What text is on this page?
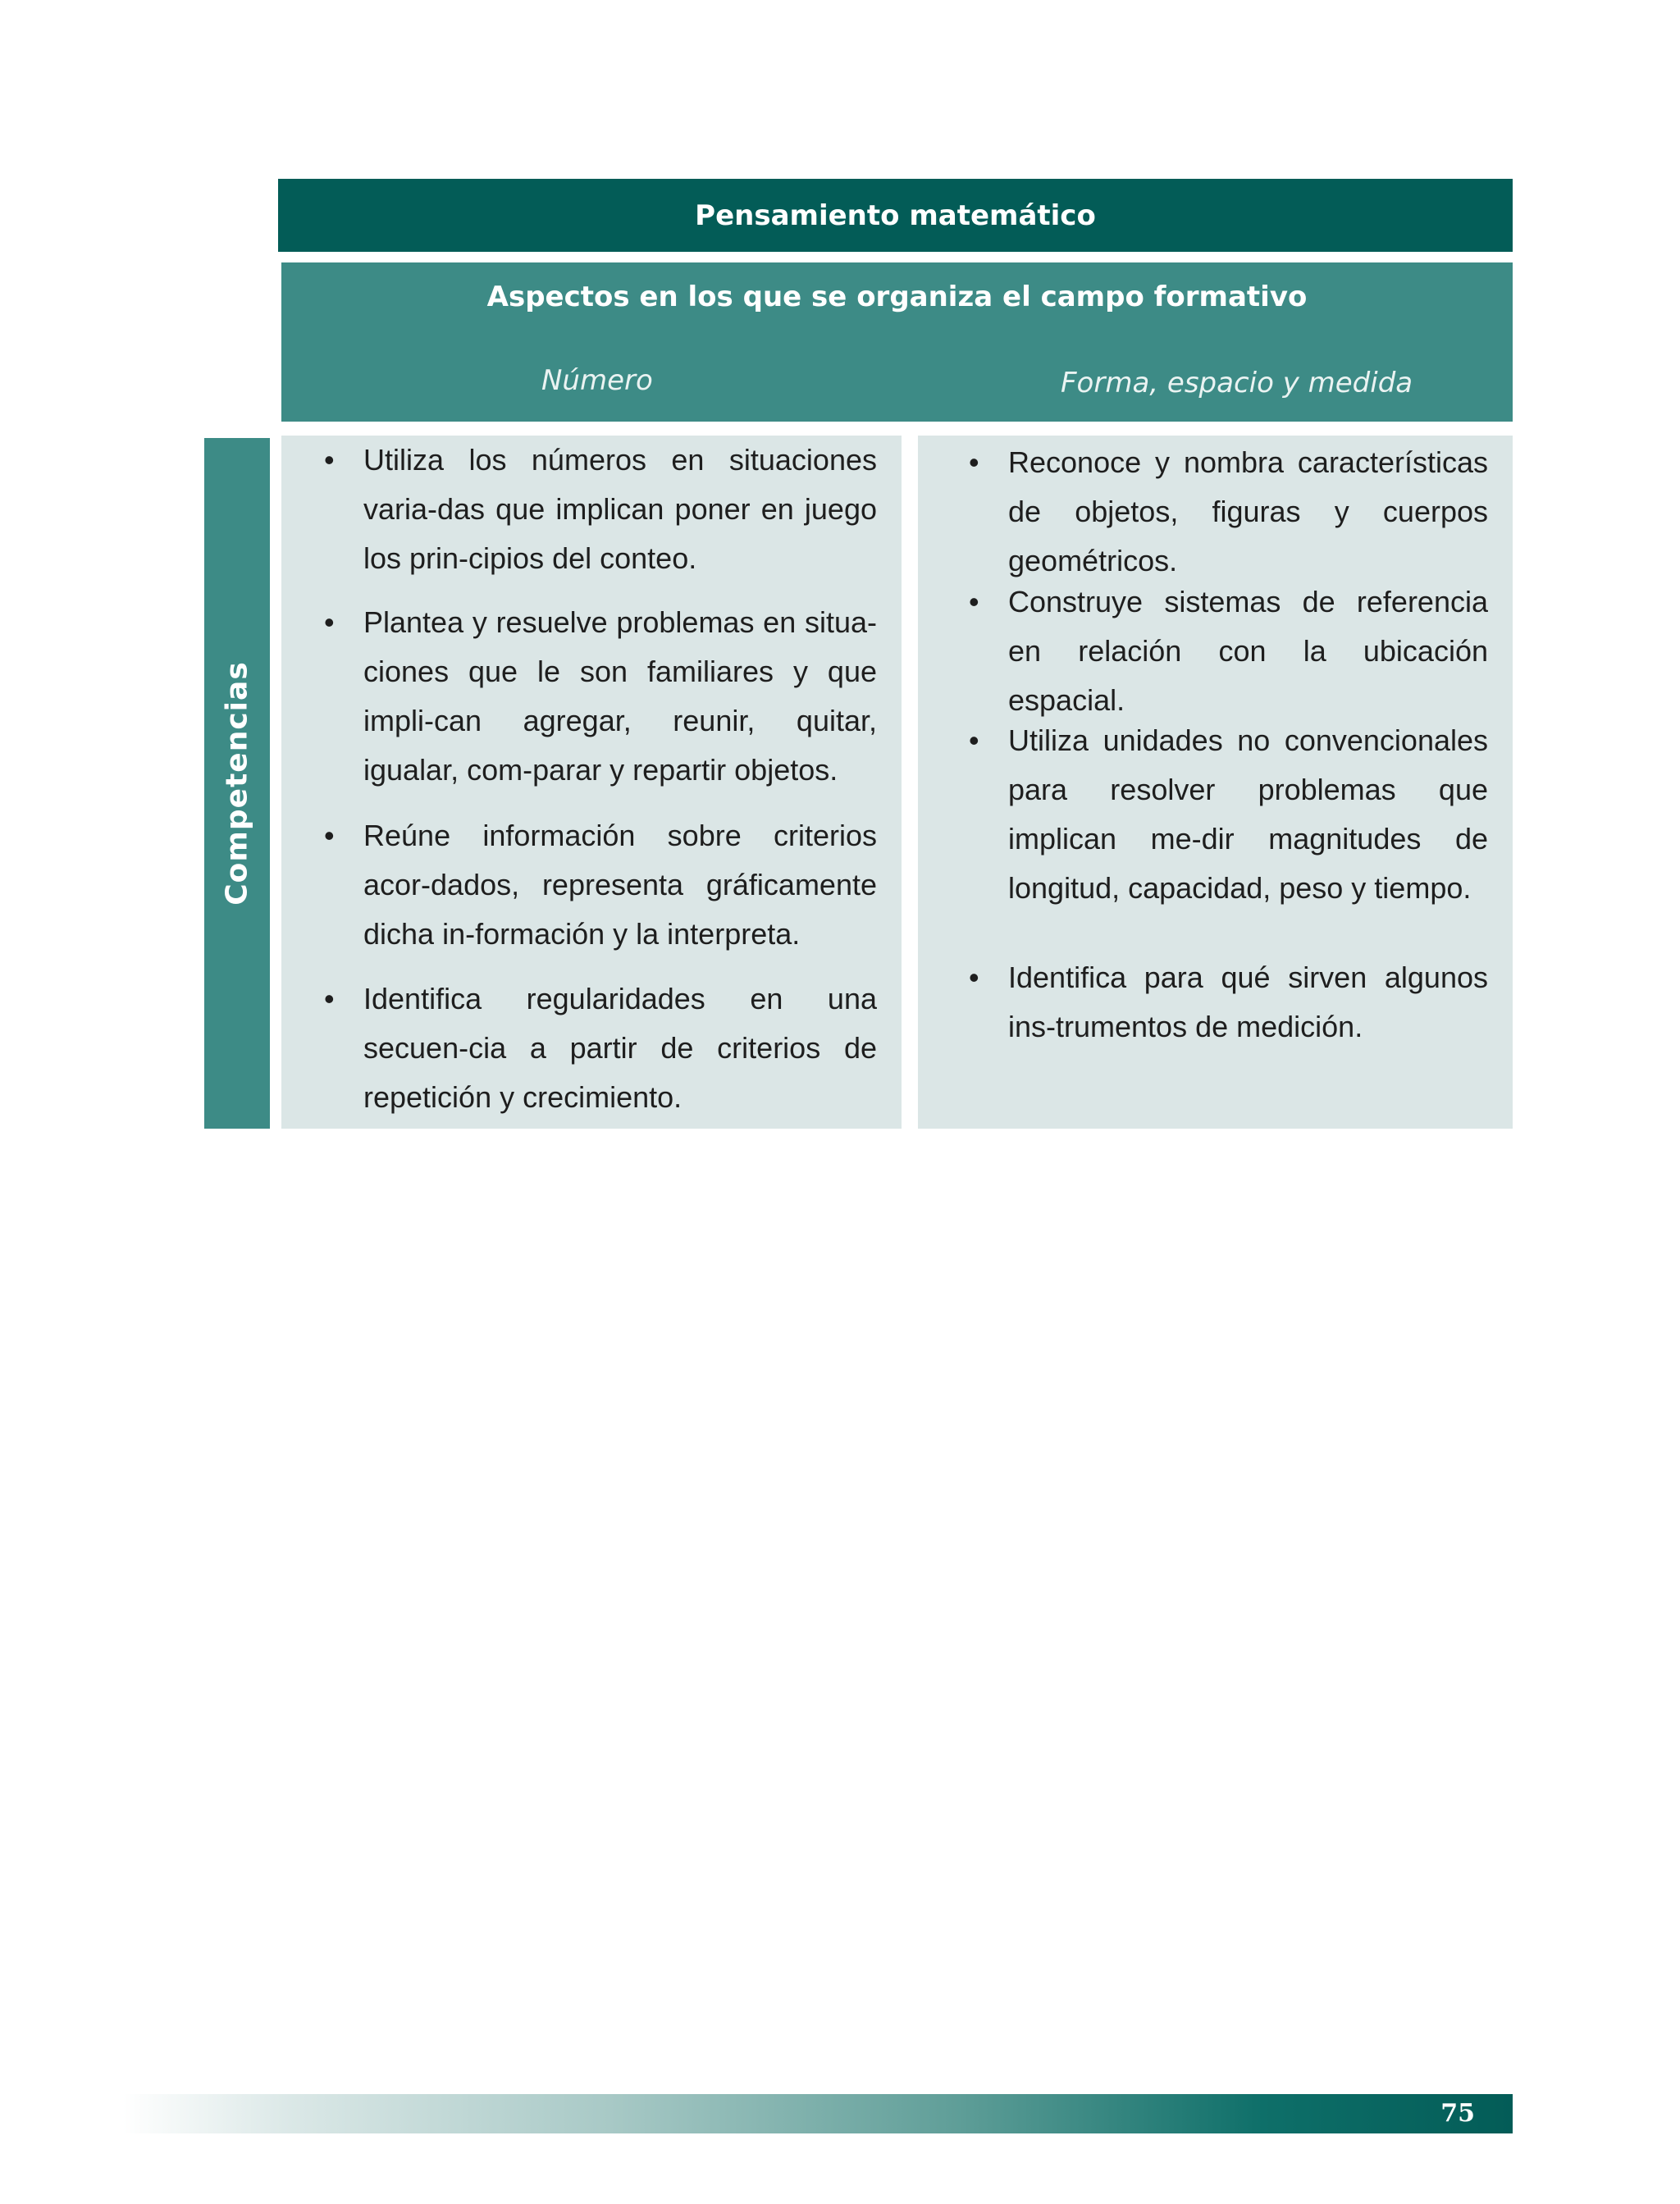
Pensamiento matemático
Aspectos en los que se organiza el campo formativo
Número	Forma, espacio y medida
Competencias
• Utiliza los números en situaciones varia-das que implican poner en juego los prin-cipios del conteo.
• Plantea y resuelve problemas en situa-ciones que le son familiares y que impli-can agregar, reunir, quitar, igualar, com-parar y repartir objetos.
• Reúne información sobre criterios acor-dados, representa gráficamente dicha in-formación y la interpreta.
• Identifica regularidades en una secuen-cia a partir de criterios de repetición y crecimiento.
• Reconoce y nombra características de objetos, figuras y cuerpos geométricos.
• Construye sistemas de referencia en relación con la ubicación espacial.
• Utiliza unidades no convencionales para resolver problemas que implican me-dir magnitudes de longitud, capacidad, peso y tiempo.
• Identifica para qué sirven algunos ins-trumentos de medición.
75
